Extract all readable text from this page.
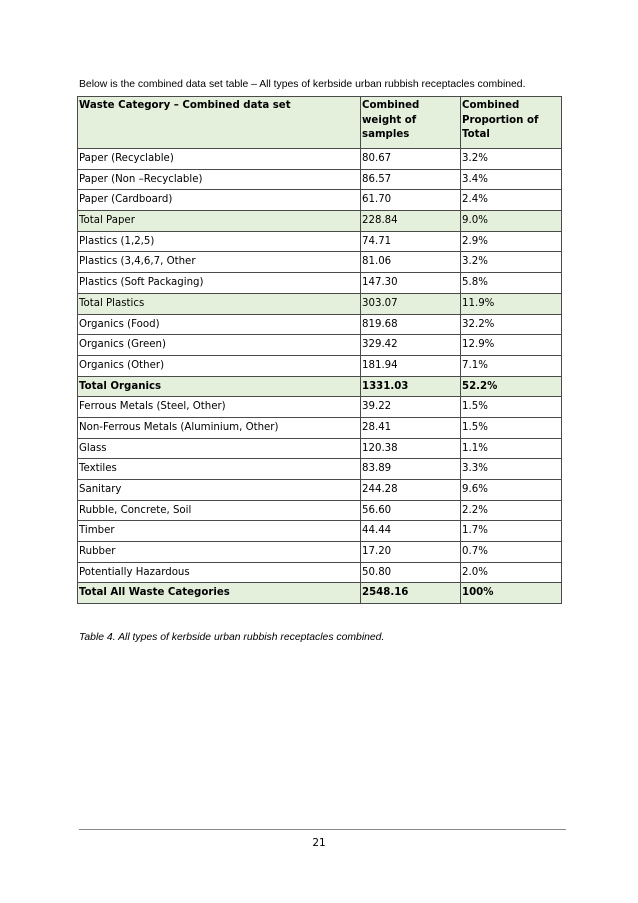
Below is the combined data set table – All types of kerbside urban rubbish receptacles combined.
Waste Category – Combined data set	Combined weight of samples	Combined Proportion of Total
Paper (Recyclable)	80.67	3.2%
Paper (Non –Recyclable)	86.57	3.4%
Paper (Cardboard)	61.70	2.4%
Total Paper	228.84	9.0%
Plastics (1,2,5)	74.71	2.9%
Plastics (3,4,6,7, Other	81.06	3.2%
Plastics (Soft Packaging)	147.30	5.8%
Total Plastics	303.07	11.9%
Organics (Food)	819.68	32.2%
Organics (Green)	329.42	12.9%
Organics (Other)	181.94	7.1%
Total Organics	1331.03	52.2%
Ferrous Metals (Steel, Other)	39.22	1.5%
Non-Ferrous Metals (Aluminium, Other)	28.41	1.5%
Glass	120.38	1.1%
Textiles	83.89	3.3%
Sanitary	244.28	9.6%
Rubble, Concrete, Soil	56.60	2.2%
Timber	44.44	1.7%
Rubber	17.20	0.7%
Potentially Hazardous	50.80	2.0%
Total All Waste Categories	2548.16	100%
Table 4. All types of kerbside urban rubbish receptacles combined.
21
